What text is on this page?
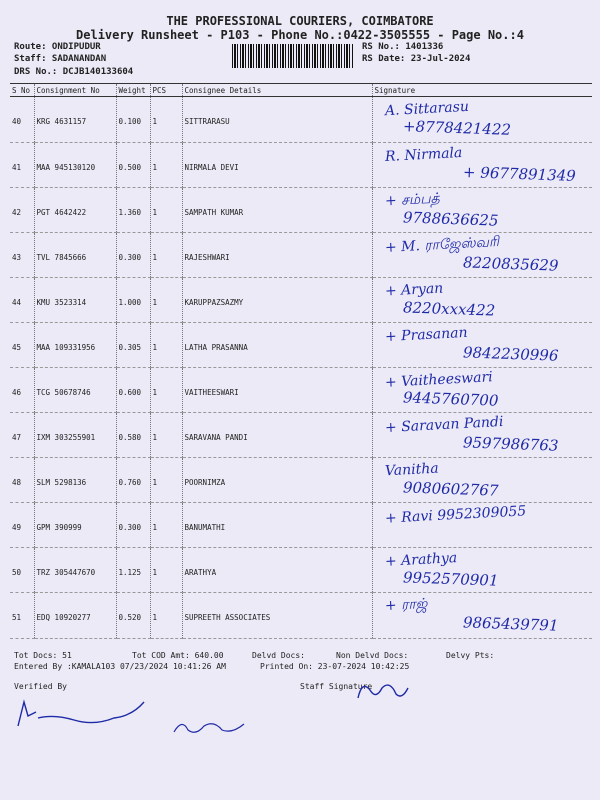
THE PROFESSIONAL COURIERS, COIMBATORE
Delivery Runsheet - P103 - Phone No.:0422-3505555 - Page No.:4
Route: ONDIPUDUR
Staff: SADANANDAN
DRS No.: DCJB140133604
RS No.: 1401336
RS Date: 23-Jul-2024
S No	Consignment No	Weight	PCS	Consignee Details	Signature
40	KRG 4631157	0.100	1	SITTRARASU	A. Sittarasu
+8778421422

41	MAA 945130120	0.500	1	NIRMALA DEVI	R. Nirmala
+ 9677891349

42	PGT 4642422	1.360	1	SAMPATH KUMAR	+ சம்பத்
9788636625

43	TVL 7845666	0.300	1	RAJESHWARI	+ M. ராஜேஸ்வரி
8220835629

44	KMU 3523314	1.000	1	KARUPPAZSAZMY	+ Aryan
8220xxx422

45	MAA 109331956	0.305	1	LATHA PRASANNA	+ Prasanan
9842230996

46	TCG 50678746	0.600	1	VAITHEESWARI	+ Vaitheeswari
9445760700

47	IXM 303255901	0.580	1	SARAVANA PANDI	+ Saravan Pandi
9597986763

48	SLM 5298136	0.760	1	POORNIMZA	Vanitha
9080602767

49	GPM 390999	0.300	1	BANUMATHI	+ Ravi 9952309055

50	TRZ 305447670	1.125	1	ARATHYA	+ Arathya
9952570901

51	EDQ 10920277	0.520	1	SUPREETH ASSOCIATES	+ ராஜ்
9865439791
Tot Docs: 51	Tot COD Amt: 640.00	Delvd Docs:	Non Delvd Docs:	Delvy Pts:
Entered By :KAMALA103 07/23/2024 10:41:26 AM	Printed On: 23-07-2024 10:42:25
Verified By	Staff Signature
